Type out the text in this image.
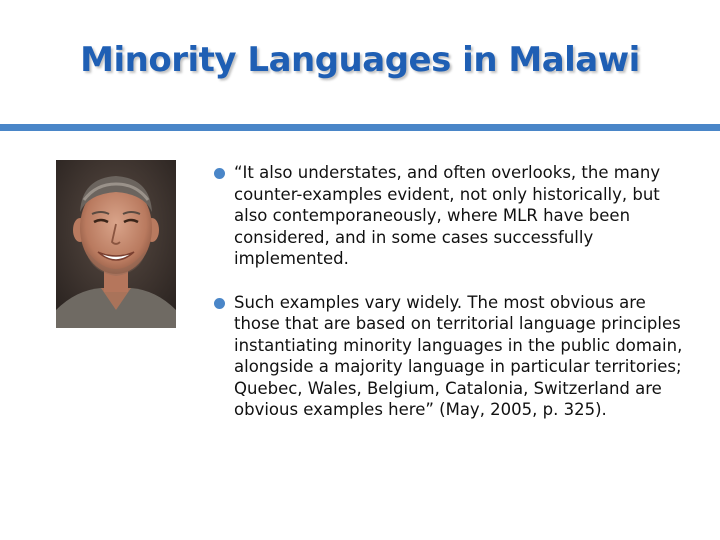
Minority Languages in Malawi
“It also understates, and often overlooks, the many counter-examples evident, not only historically, but also contemporaneously, where MLR have been considered, and in some cases successfully implemented.
Such examples vary widely. The most obvious are those that are based on territorial language principles instantiating minority languages in the public domain, alongside a majority language in particular territories; Quebec, Wales, Belgium, Catalonia, Switzerland are obvious examples here” (May, 2005, p. 325).
